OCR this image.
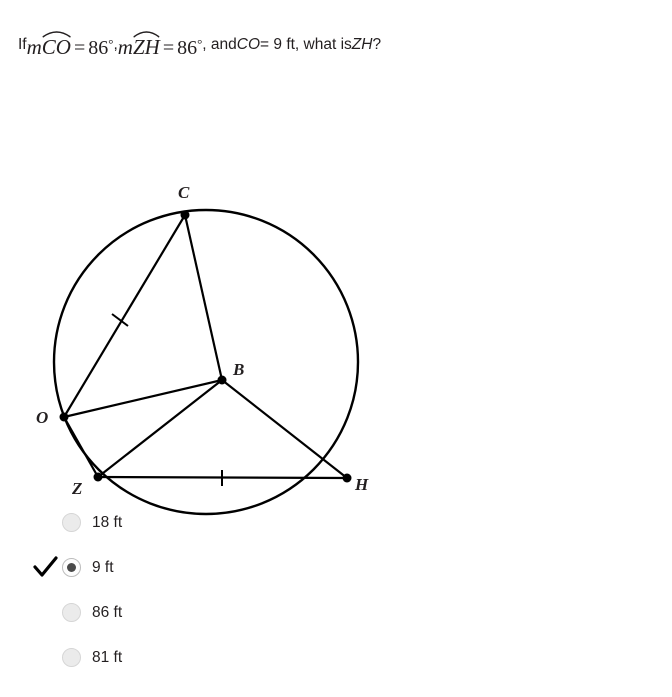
Ifm
CO = 86°,m
ZH = 86°, andCO= 9 ft, what isZH?
C
B
O
Z	H
18 ft
9 ft
86 ft
81 ft
